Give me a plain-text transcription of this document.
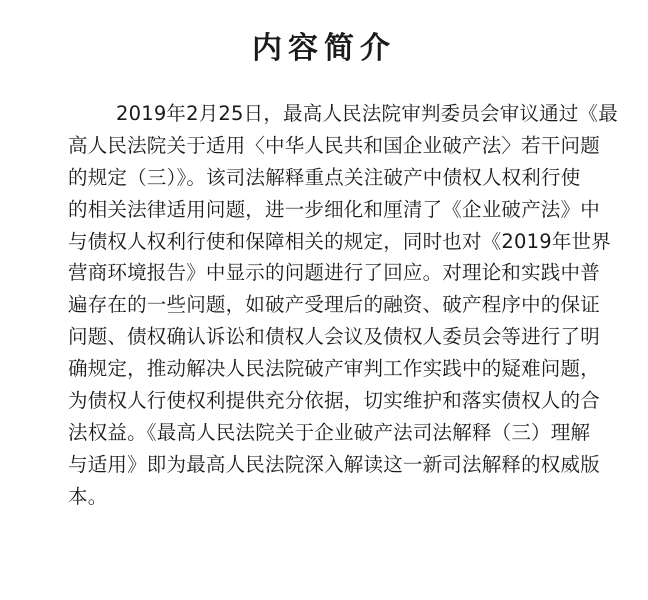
内容简介
2019年2月25日，最高人民法院审判委员会审议通过《最
高人民法院关于适用〈中华人民共和国企业破产法〉若干问题
的规定（三）》。该司法解释重点关注破产中债权人权利行使
的相关法律适用问题，进一步细化和厘清了《企业破产法》中
与债权人权利行使和保障相关的规定，同时也对《2019年世界
营商环境报告》中显示的问题进行了回应。对理论和实践中普
遍存在的一些问题，如破产受理后的融资、破产程序中的保证
问题、债权确认诉讼和债权人会议及债权人委员会等进行了明
确规定，推动解决人民法院破产审判工作实践中的疑难问题，
为债权人行使权利提供充分依据，切实维护和落实债权人的合
法权益。《最高人民法院关于企业破产法司法解释（三）理解
与适用》即为最高人民法院深入解读这一新司法解释的权威版
本。
